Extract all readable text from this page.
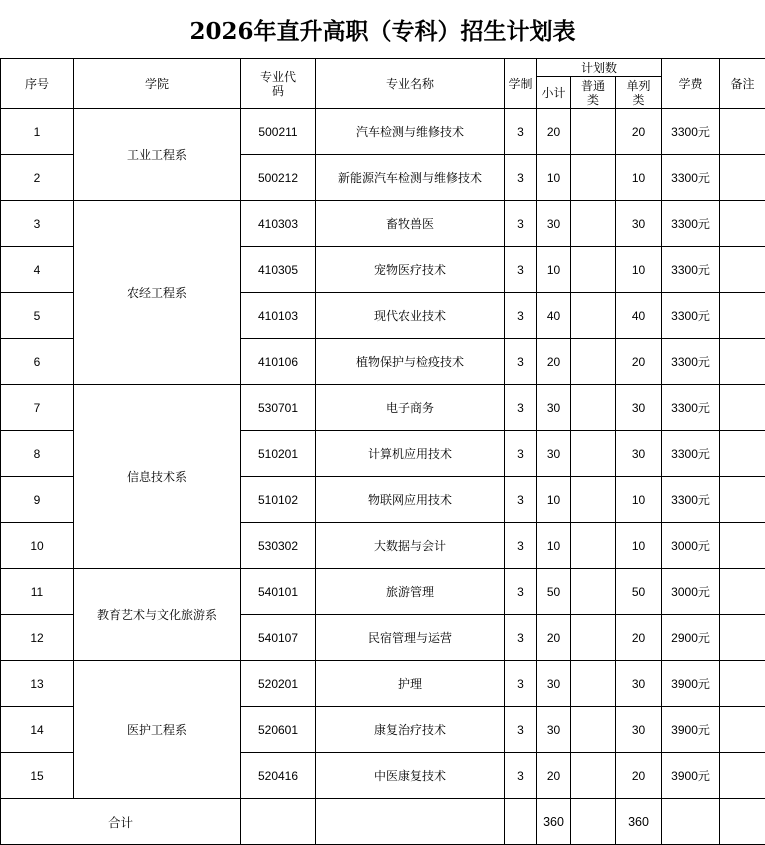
2026年直升高职（专科）招生计划表
序号	学院	专业代码	专业名称	学制	计划数			学费	备注
					小计	普通类	单列类		
1	工业工程系	500211	汽车检测与维修技术	3	20		20	3300元	
2		500212	新能源汽车检测与维修技术	3	10		10	3300元	
3	农经工程系	410303	畜牧兽医	3	30		30	3300元	
4		410305	宠物医疗技术	3	10		10	3300元	
5		410103	现代农业技术	3	40		40	3300元	
6		410106	植物保护与检疫技术	3	20		20	3300元	
7	信息技术系	530701	电子商务	3	30		30	3300元	
8		510201	计算机应用技术	3	30		30	3300元	
9		510102	物联网应用技术	3	10		10	3300元	
10		530302	大数据与会计	3	10		10	3000元	
11	教育艺术与文化旅游系	540101	旅游管理	3	50		50	3000元	
12		540107	民宿管理与运营	3	20		20	2900元	
13	医护工程系	520201	护理	3	30		30	3900元	
14		520601	康复治疗技术	3	30		30	3900元	
15		520416	中医康复技术	3	20		20	3900元	
合计					360		360		
